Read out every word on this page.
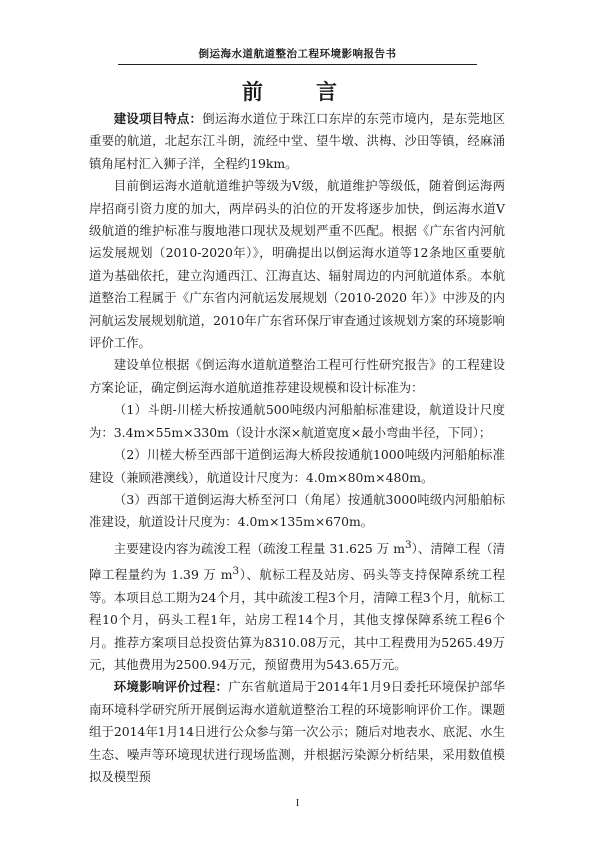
倒运海水道航道整治工程环境影响报告书
前　言

建设项目特点：倒运海水道位于珠江口东岸的东莞市境内，是东莞地区重要的航道，北起东江斗朗，流经中堂、望牛墩、洪梅、沙田等镇，经麻涌镇角尾村汇入狮子洋，全程约19km。

目前倒运海水道航道维护等级为Ⅴ级，航道维护等级低，随着倒运海两岸招商引资力度的加大，两岸码头的泊位的开发将逐步加快，倒运海水道Ⅴ级航道的维护标准与腹地港口现状及规划严重不匹配。根据《广东省内河航运发展规划（2010-2020年）》，明确提出以倒运海水道等12条地区重要航道为基础依托，建立沟通西江、江海直达、辐射周边的内河航道体系。本航道整治工程属于《广东省内河航运发展规划（2010-2020 年）》中涉及的内河航运发展规划航道，2010年广东省环保厅审查通过该规划方案的环境影响评价工作。

建设单位根据《倒运海水道航道整治工程可行性研究报告》的工程建设方案论证，确定倒运海水道航道推荐建设规模和设计标准为：

（1）斗朗-川槎大桥按通航500吨级内河船舶标准建设，航道设计尺度为：3.4m×55m×330m（设计水深×航道宽度×最小弯曲半径，下同）；

（2）川槎大桥至西部干道倒运海大桥段按通航1000吨级内河船舶标准建设（兼顾港澳线），航道设计尺度为：4.0m×80m×480m。

（3）西部干道倒运海大桥至河口（角尾）按通航3000吨级内河船舶标准建设，航道设计尺度为：4.0m×135m×670m。

主要建设内容为疏浚工程（疏浚工程量 31.625 万 $m^3$）、清障工程（清障工程量约为 1.39 万 $m^3$）、航标工程及站房、码头等支持保障系统工程等。本项目总工期为24个月，其中疏浚工程3个月，清障工程3个月，航标工程10个月，码头工程1年，站房工程14个月，其他支撑保障系统工程6个月。推荐方案项目总投资估算为8310.08万元，其中工程费用为5265.49万元，其他费用为2500.94万元，预留费用为543.65万元。

环境影响评价过程：广东省航道局于2014年1月9日委托环境保护部华南环境科学研究所开展倒运海水道航道整治工程的环境影响评价工作。课题组于2014年1月14日进行公众参与第一次公示；随后对地表水、底泥、水生生态、噪声等环境现状进行现场监测，并根据污染源分析结果，采用数值模拟及模型预

I
